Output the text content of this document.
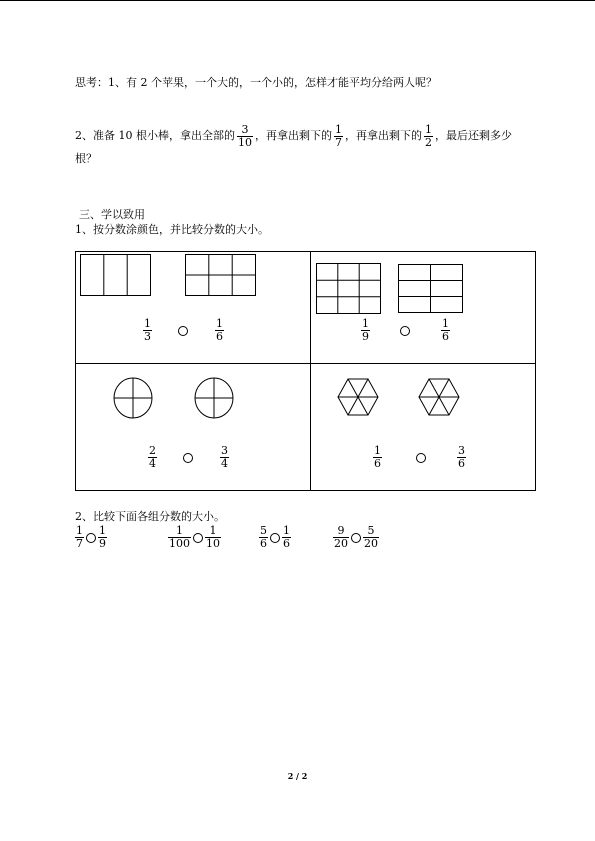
思考：1、有 2 个苹果，一个大的，一个小的，怎样才能平均分给两人呢？
2、准备 10 根小棒，拿出全部的 $\frac{3}{10}$ ，再拿出剩下的 $\frac{1}{7}$ ，再拿出剩下的 $\frac{1}{2}$ ，最后还剩多少
根？
三、学以致用
1、按分数涂颜色，并比较分数的大小。
$\frac{1}{3}$
	$\frac{1}{6}$	$\frac{1}{9}$
	$\frac{1}{6}$
$\frac{2}{4}$
	$\frac{3}{4}$	$\frac{1}{6}$
	$\frac{3}{6}$
2、比较下面各组分数的大小。
$\frac{1}{7} \frac{1}{9}$	$\frac{1}{100} \frac{1}{10}$	$\frac{5}{6} \frac{1}{6}$	$\frac{9}{20} \frac{5}{20}$
2 / 2
